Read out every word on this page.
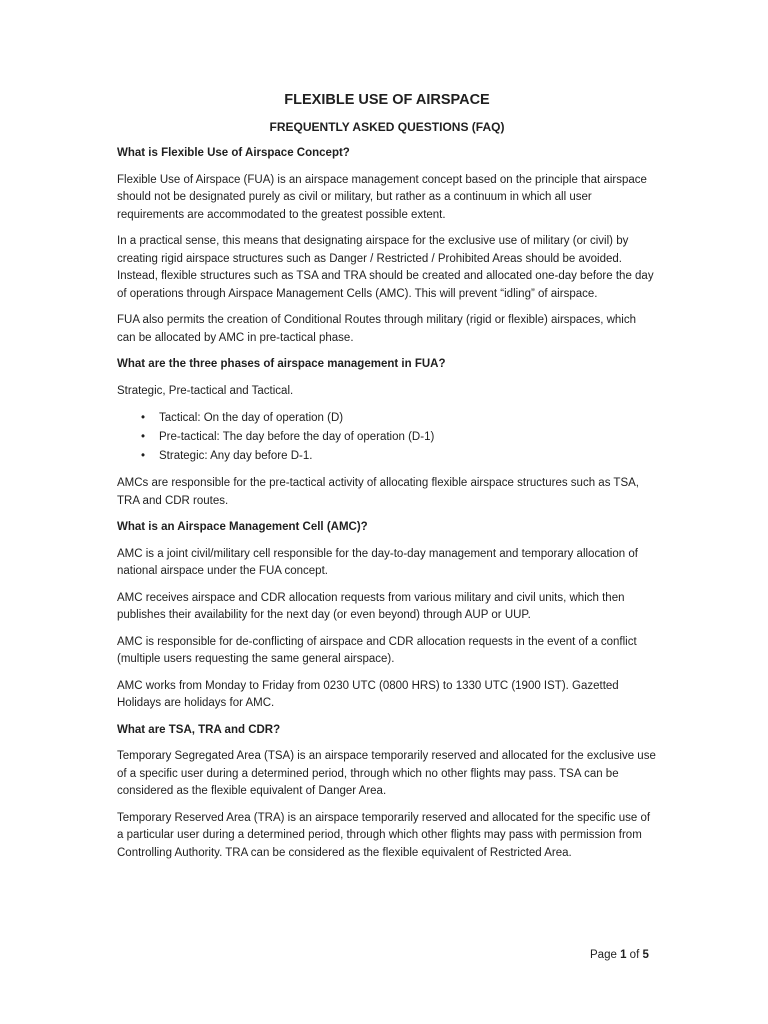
FLEXIBLE USE OF AIRSPACE
FREQUENTLY ASKED QUESTIONS (FAQ)
What is Flexible Use of Airspace Concept?

Flexible Use of Airspace (FUA) is an airspace management concept based on the principle that airspace should not be designated purely as civil or military, but rather as a continuum in which all user requirements are accommodated to the greatest possible extent.

In a practical sense, this means that designating airspace for the exclusive use of military (or civil) by creating rigid airspace structures such as Danger / Restricted / Prohibited Areas should be avoided. Instead, flexible structures such as TSA and TRA should be created and allocated one-day before the day of operations through Airspace Management Cells (AMC). This will prevent “idling” of airspace.

FUA also permits the creation of Conditional Routes through military (rigid or flexible) airspaces, which can be allocated by AMC in pre-tactical phase.

What are the three phases of airspace management in FUA?

Strategic, Pre-tactical and Tactical.

• Tactical: On the day of operation (D)
• Pre-tactical: The day before the day of operation (D-1)
• Strategic: Any day before D-1.

AMCs are responsible for the pre-tactical activity of allocating flexible airspace structures such as TSA, TRA and CDR routes.

What is an Airspace Management Cell (AMC)?

AMC is a joint civil/military cell responsible for the day-to-day management and temporary allocation of national airspace under the FUA concept.

AMC receives airspace and CDR allocation requests from various military and civil units, which then publishes their availability for the next day (or even beyond) through AUP or UUP.

AMC is responsible for de-conflicting of airspace and CDR allocation requests in the event of a conflict (multiple users requesting the same general airspace).

AMC works from Monday to Friday from 0230 UTC (0800 HRS) to 1330 UTC (1900 IST). Gazetted Holidays are holidays for AMC.

What are TSA, TRA and CDR?

Temporary Segregated Area (TSA) is an airspace temporarily reserved and allocated for the exclusive use of a specific user during a determined period, through which no other flights may pass. TSA can be considered as the flexible equivalent of Danger Area.

Temporary Reserved Area (TRA) is an airspace temporarily reserved and allocated for the specific use of a particular user during a determined period, through which other flights may pass with permission from Controlling Authority. TRA can be considered as the flexible equivalent of Restricted Area.

Page 1 of 5
